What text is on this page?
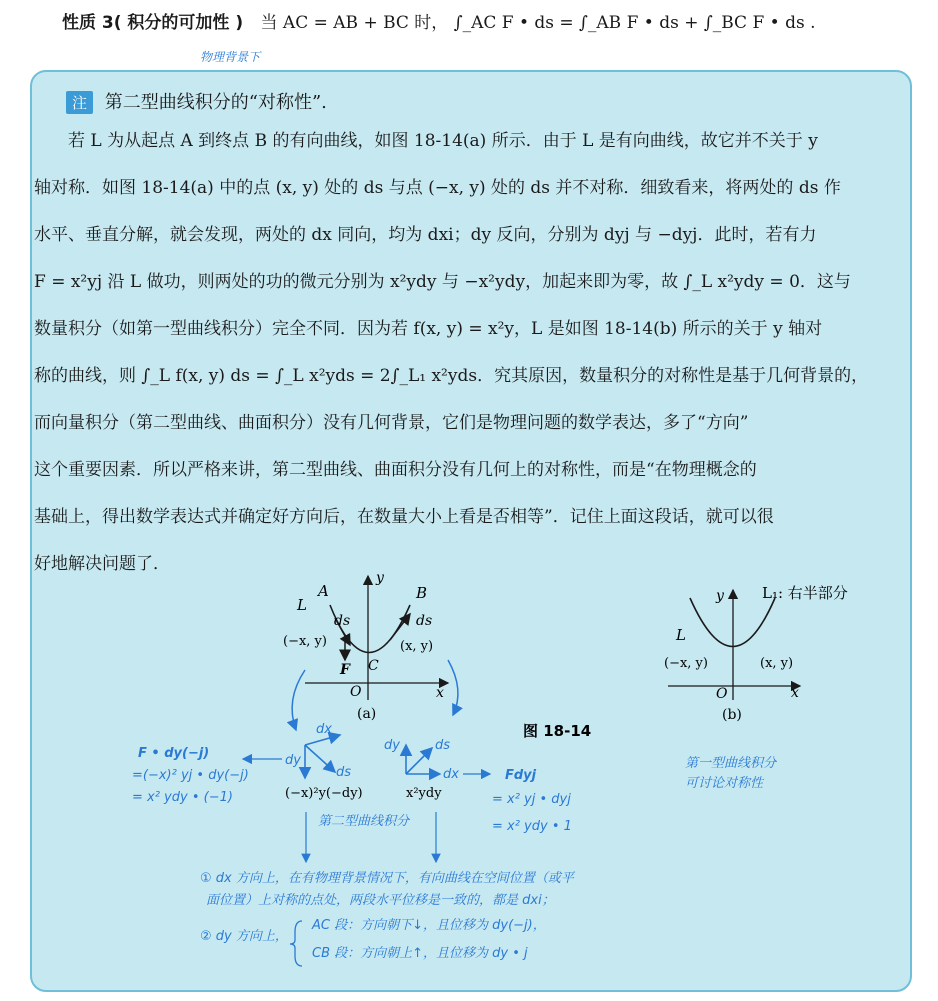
性质 3( 积分的可加性 ) 当 AC = AB + BC 时， ∫_AC F • ds = ∫_AB F • ds + ∫_BC F • ds .
物理背景下
注 第二型曲线积分的“对称性”.

若 L 为从起点 A 到终点 B 的有向曲线，如图 18-14(a) 所示．由于 L 是有向曲线，故它并不关于 y

轴对称．如图 18-14(a) 中的点 (x, y) 处的 ds 与点 (−x, y) 处的 ds 并不对称．细致看来，将两处的 ds 作

水平、垂直分解，就会发现，两处的 dx 同向，均为 dxi；dy 反向，分别为 dyj 与 −dyj．此时，若有力

F = x²yj 沿 L 做功，则两处的功的微元分别为 x²ydy 与 −x²ydy，加起来即为零，故 ∫_L x²ydy = 0．这与

数量积分（如第一型曲线积分）完全不同．因为若 f(x, y) = x²y，L 是如图 18-14(b) 所示的关于 y 轴对

称的曲线，则 ∫_L f(x, y) ds = ∫_L x²yds = 2∫_L₁ x²yds．究其原因，数量积分的对称性是基于几何背景的，

而向量积分（第二型曲线、曲面积分）没有几何背景，它们是物理问题的数学表达，多了“方向”

这个重要因素．所以严格来讲，第二型曲线、曲面积分没有几何上的对称性，而是“在物理概念的

基础上，得出数学表达式并确定好方向后，在数量大小上看是否相等”．记住上面这段话，就可以很

好地解决问题了．

L
A	B
y
ds	ds
(−x, y)	(x, y)
F C
O	x
(a)
y	L₁: 右半部分
L
(−x, y)	(x, y)
O	x
(b)
图 18-14
dx
dy
ds
(−x)²y(−dy)
F • dy(−j)
=(−x)² yj • dy(−j)
= x² ydy • (−1)
dy	ds
dx
x²ydy
Fdyj
= x² yj • dyj
= x² ydy • 1
第一型曲线积分
可讨论对称性
第二型曲线积分
① dx 方向上，在有物理背景情况下，有向曲线在空间位置（或平
面位置）上对称的点处，两段水平位移是一致的，都是 dxi；
② dy 方向上，
AC 段：方向朝下↓，且位移为 dy(−j)，
CB 段：方向朝上↑，且位移为 dy • j
